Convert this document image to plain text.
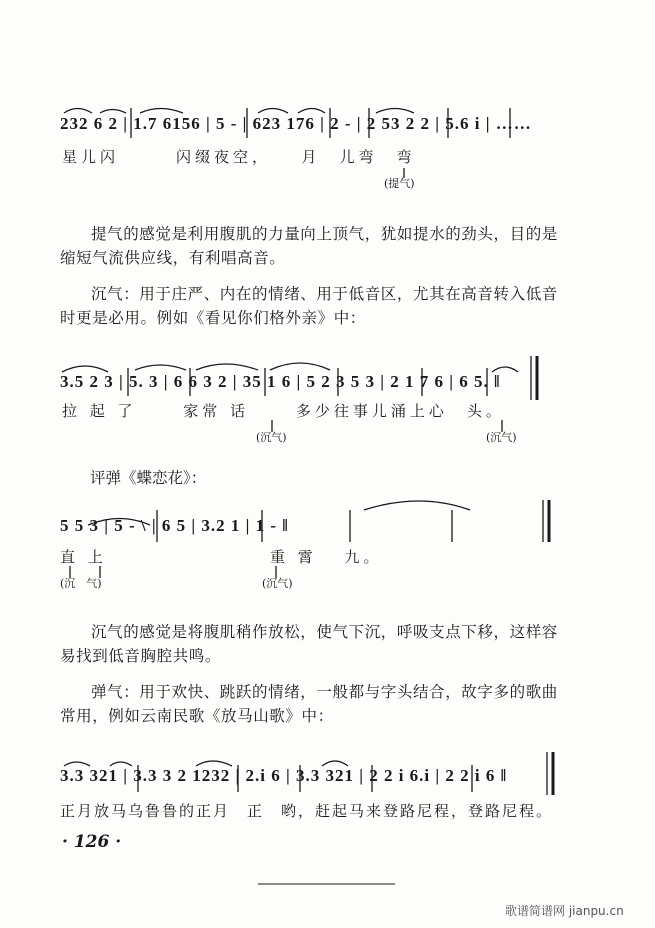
232 6 2 | 1.7 6156 | 5 - | 623 176 | 2 - | 2 53 2 2 | 5.6 i | ……
星儿闪　　　闪缀夜空，　　月　儿弯　弯
(提气)
提气的感觉是利用腹肌的力量向上顶气，犹如提水的劲头，目的是缩短气流供应线，有利唱高音。
沉气：用于庄严、内在的情绪、用于低音区，尤其在高音转入低音时更是必用。例如《看见你们格外亲》中：
3.5 2 3 | 5. 3 | 6 6 3 2 | 35 1 6 | 5 2 3 5 3 | 2 1 7 6 | 6 5. ‖
拉 起 了　　 家常 话　　 多少往事儿涌上心　头。
(沉气)	(沉气)
评弹《蝶恋花》：
5 5 3 | 5 - \ | 6 5 | 3.2 1 | 1 - ‖
直 上	重 霄　 九。
(沉　气)	(沉气)
沉气的感觉是将腹肌稍作放松，使气下沉，呼吸支点下移，这样容易找到低音胸腔共鸣。
弹气：用于欢快、跳跃的情绪，一般都与字头结合，故字多的歌曲常用，例如云南民歌《放马山歌》中：
3.3 321 | 3.3 3 2 1232 | 2.i 6 | 3.3 321 | 2 2 i 6.i | 2 2 i 6 ‖
正月放马乌鲁鲁的正月　正　哟，赶起马来登路尼程，登路尼程。
· 126 ·
歌谱简谱网 jianpu.cn
